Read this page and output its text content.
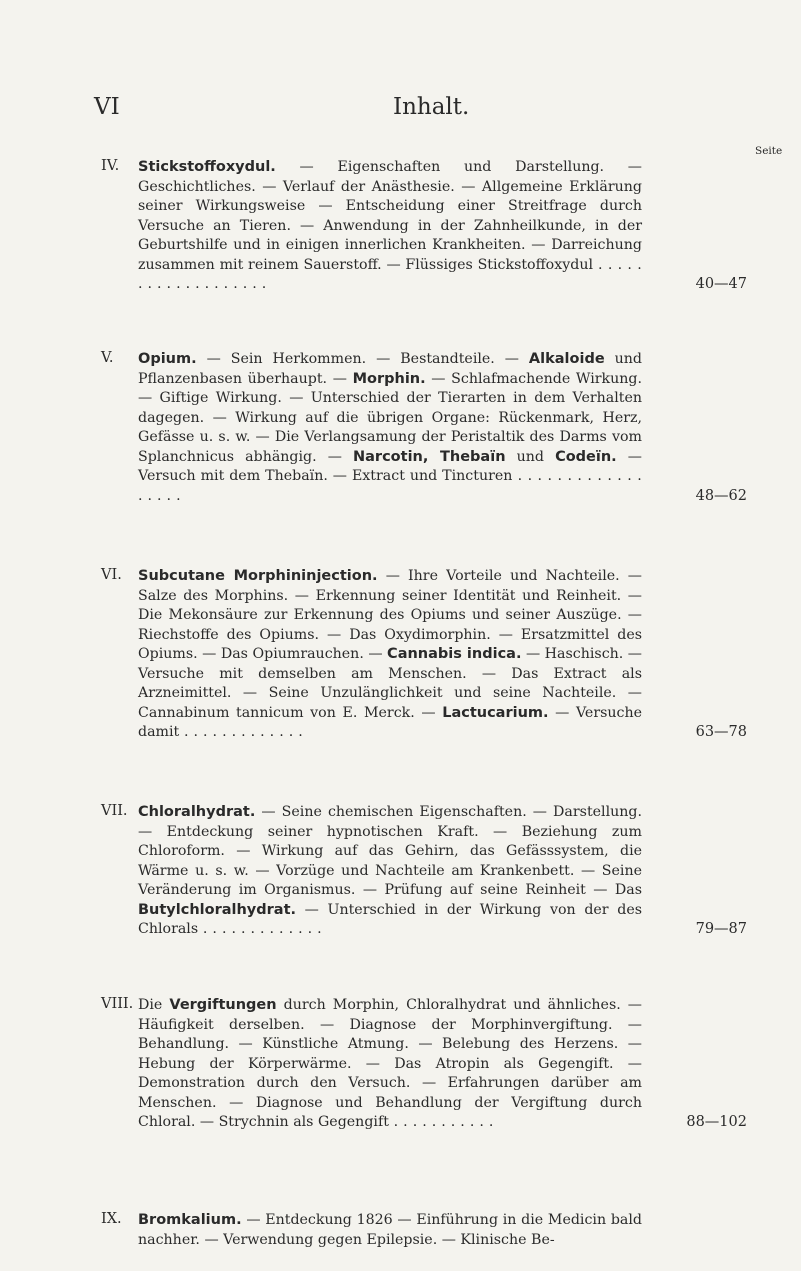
VI	Inhalt.
Seite
IV. Stickstoffoxydul. — Eigenschaften und Darstellung. — Geschichtliches. — Verlauf der Anästhesie. — Allgemeine Erklärung seiner Wirkungsweise — Entscheidung einer Streitfrage durch Versuche an Tieren. — Anwendung in der Zahnheilkunde, in der Geburtshilfe und in einigen innerlichen Krankheiten. — Darreichung zusammen mit reinem Sauerstoff. — Flüssiges Stickstoffoxydul . . . . . . . . . . . . . . . . . . .	40—47
V. Opium. — Sein Herkommen. — Bestandteile. — Alkaloide und Pflanzenbasen überhaupt. — Morphin. — Schlafmachende Wirkung. — Giftige Wirkung. — Unterschied der Tierarten in dem Verhalten dagegen. — Wirkung auf die übrigen Organe: Rückenmark, Herz, Gefässe u. s. w. — Die Verlangsamung der Peristaltik des Darms vom Splanchnicus abhängig. — Narcotin, Thebaïn und Codeïn. — Versuch mit dem Thebaïn. — Extract und Tincturen . . . . . . . . . . . . . . . . . .	48—62
VI. Subcutane Morphininjection. — Ihre Vorteile und Nachteile. — Salze des Morphins. — Erkennung seiner Identität und Reinheit. — Die Mekonsäure zur Erkennung des Opiums und seiner Auszüge. — Riechstoffe des Opiums. — Das Oxydimorphin. — Ersatzmittel des Opiums. — Das Opiumrauchen. — Cannabis indica. — Haschisch. — Versuche mit demselben am Menschen. — Das Extract als Arzneimittel. — Seine Unzulänglichkeit und seine Nachteile. — Cannabinum tannicum von E. Merck. — Lactucarium. — Versuche damit . . . . . . . . . . . . .	63—78
VII. Chloralhydrat. — Seine chemischen Eigenschaften. — Darstellung. — Entdeckung seiner hypnotischen Kraft. — Beziehung zum Chloroform. — Wirkung auf das Gehirn, das Gefässsystem, die Wärme u. s. w. — Vorzüge und Nachteile am Krankenbett. — Seine Veränderung im Organismus. — Prüfung auf seine Reinheit — Das Butylchloralhydrat. — Unterschied in der Wirkung von der des Chlorals . . . . . . . . . . . . .	79—87
VIII. Die Vergiftungen durch Morphin, Chloralhydrat und ähnliches. — Häufigkeit derselben. — Diagnose der Morphinvergiftung. — Behandlung. — Künstliche Atmung. — Belebung des Herzens. — Hebung der Körperwärme. — Das Atropin als Gegengift. — Demonstration durch den Versuch. — Erfahrungen darüber am Menschen. — Diagnose und Behandlung der Vergiftung durch Chloral. — Strychnin als Gegengift . . . . . . . . . . .	88—102
IX. Bromkalium. — Entdeckung 1826 — Einführung in die Medicin bald nachher. — Verwendung gegen Epilepsie. — Klinische Be-
